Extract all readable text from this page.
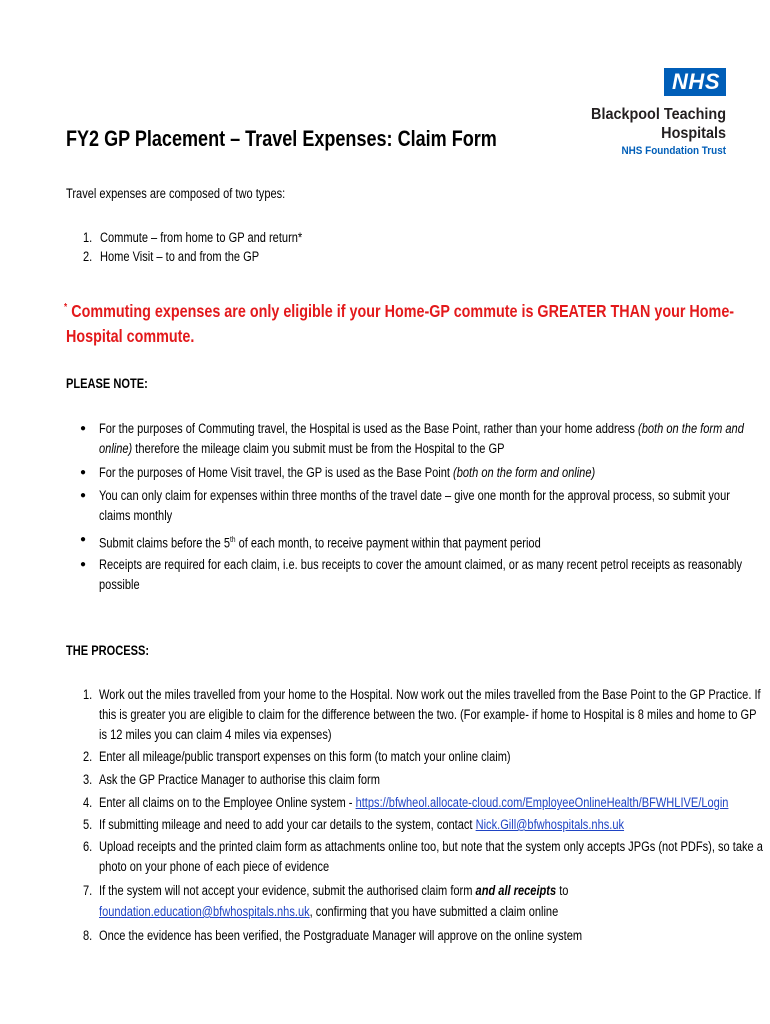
NHS
Blackpool Teaching
Hospitals
NHS Foundation Trust
FY2 GP Placement – Travel Expenses: Claim Form
Travel expenses are composed of two types:
1. Commute – from home to GP and return*
2. Home Visit – to and from the GP
* Commuting expenses are only eligible if your Home-GP commute is GREATER THAN your Home-
Hospital commute.
PLEASE NOTE:
● For the purposes of Commuting travel, the Hospital is used as the Base Point, rather than your home address (both on the form and
online) therefore the mileage claim you submit must be from the Hospital to the GP
● For the purposes of Home Visit travel, the GP is used as the Base Point (both on the form and online)
● You can only claim for expenses within three months of the travel date – give one month for the approval process, so submit your
claims monthly
● Submit claims before the 5th of each month, to receive payment within that payment period
● Receipts are required for each claim, i.e. bus receipts to cover the amount claimed, or as many recent petrol receipts as reasonably
possible
THE PROCESS:
1. Work out the miles travelled from your home to the Hospital. Now work out the miles travelled from the Base Point to the GP Practice. If
this is greater you are eligible to claim for the difference between the two. (For example- if home to Hospital is 8 miles and home to GP
is 12 miles you can claim 4 miles via expenses)
2. Enter all mileage/public transport expenses on this form (to match your online claim)
3. Ask the GP Practice Manager to authorise this claim form
4. Enter all claims on to the Employee Online system - https://bfwheol.allocate-cloud.com/EmployeeOnlineHealth/BFWHLIVE/Login
5. If submitting mileage and need to add your car details to the system, contact Nick.Gill@bfwhospitals.nhs.uk
6. Upload receipts and the printed claim form as attachments online too, but note that the system only accepts JPGs (not PDFs), so take a
photo on your phone of each piece of evidence
7. If the system will not accept your evidence, submit the authorised claim form and all receipts to
foundation.education@bfwhospitals.nhs.uk, confirming that you have submitted a claim online
8. Once the evidence has been verified, the Postgraduate Manager will approve on the online system
